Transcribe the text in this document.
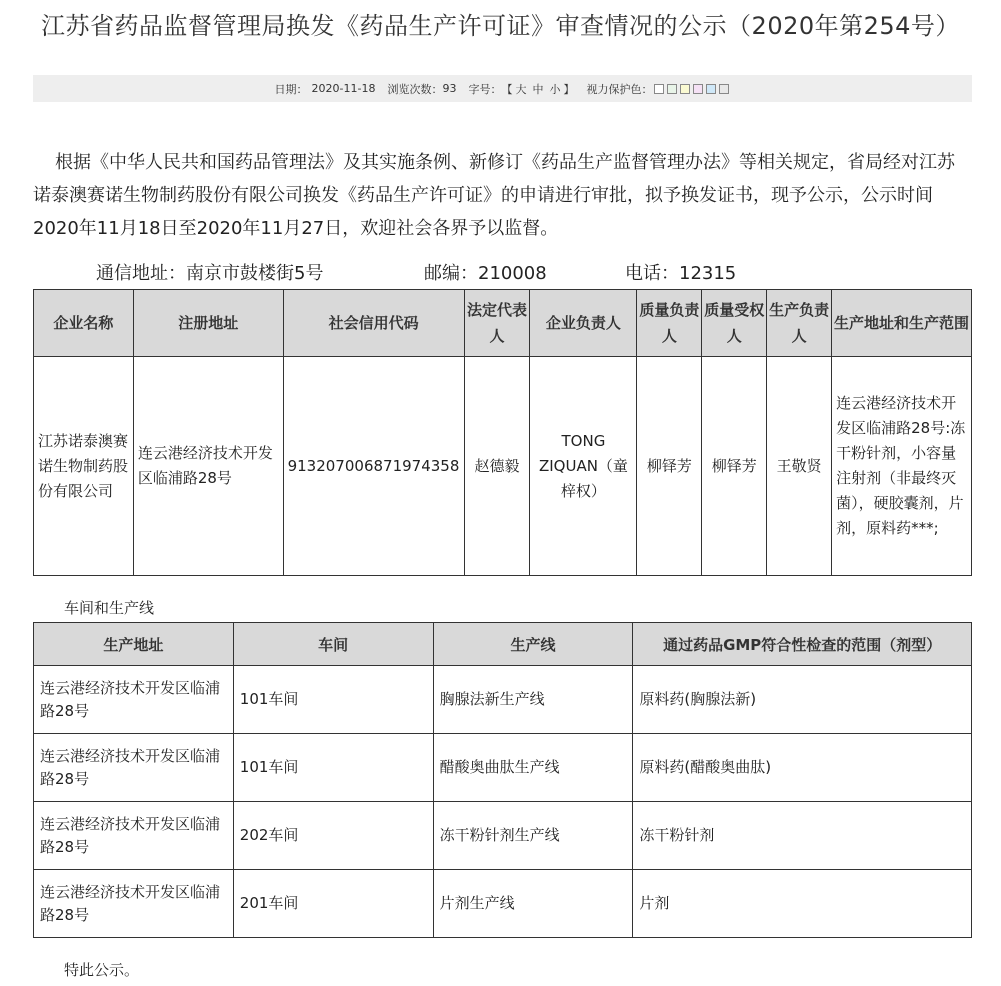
江苏省药品监督管理局换发《药品生产许可证》审查情况的公示（2020年第254号）
日期： 2020-11-18 浏览次数： 93 字号： 【 大 中 小 】 视力保护色：
根据《中华人民共和国药品管理法》及其实施条例、新修订《药品生产监督管理办法》等相关规定，省局经对江苏诺泰澳赛诺生物制药股份有限公司换发《药品生产许可证》的申请进行审批，拟予换发证书，现予公示，公示时间2020年11月18日至2020年11月27日，欢迎社会各界予以监督。
通信地址：南京市鼓楼街5号	邮编：210008	电话：12315
企业名称	注册地址	社会信用代码	法定代表人	企业负责人	质量负责人	质量受权人	生产负责人	生产地址和生产范围
江苏诺泰澳赛诺生物制药股份有限公司	连云港经济技术开发区临浦路28号	913207006871974358	赵德毅	TONG ZIQUAN（童梓权）	柳铎芳	柳铎芳	王敬贤	连云港经济技术开发区临浦路28号:冻干粉针剂，小容量注射剂（非最终灭菌），硬胶囊剂，片剂，原料药***;
车间和生产线
生产地址	车间	生产线	通过药品GMP符合性检查的范围（剂型）
连云港经济技术开发区临浦路28号	101车间	胸腺法新生产线	原料药(胸腺法新)
连云港经济技术开发区临浦路28号	101车间	醋酸奥曲肽生产线	原料药(醋酸奥曲肽)
连云港经济技术开发区临浦路28号	202车间	冻干粉针剂生产线	冻干粉针剂
连云港经济技术开发区临浦路28号	201车间	片剂生产线	片剂
特此公示。
